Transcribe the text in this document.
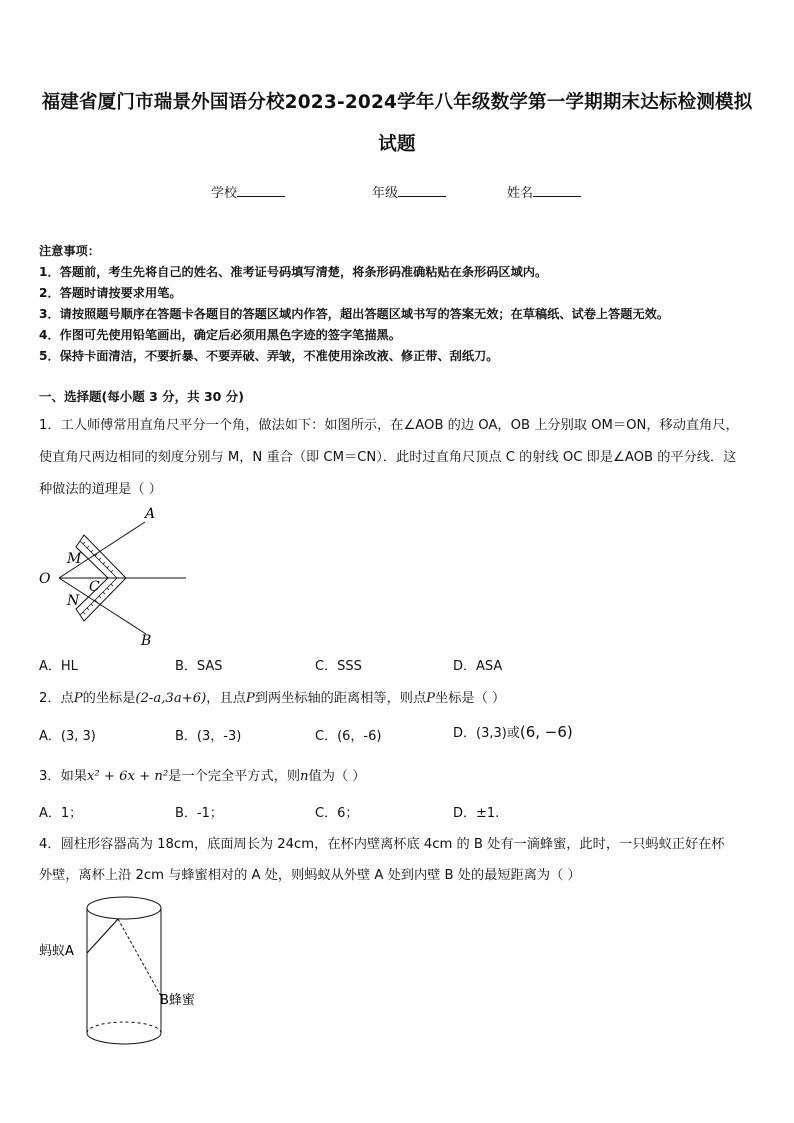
福建省厦门市瑞景外国语分校2023-2024学年八年级数学第一学期期末达标检测模拟
试题
学校	年级	姓名
注意事项：
1．答题前，考生先将自己的姓名、准考证号码填写清楚，将条形码准确粘贴在条形码区域内。
2．答题时请按要求用笔。
3．请按照题号顺序在答题卡各题目的答题区域内作答，超出答题区域书写的答案无效；在草稿纸、试卷上答题无效。
4．作图可先使用铅笔画出，确定后必须用黑色字迹的签字笔描黑。
5．保持卡面清洁，不要折暴、不要弄破、弄皱，不准使用涂改液、修正带、刮纸刀。
一、选择题(每小题 3 分，共 30 分)
1．工人师傅常用直角尺平分一个角，做法如下：如图所示，在∠AOB 的边 OA，OB 上分别取 OM＝ON，移动直角尺，
使直角尺两边相同的刻度分别与 M，N 重合（即 CM＝CN）．此时过直角尺顶点 C 的射线 OC 即是∠AOB 的平分线．这
种做法的道理是（ ）
A
B
O
M
N
C
A．HL	B．SAS	C．SSS	D．ASA
2．点P的坐标是(2-a,3a+6)，且点P到两坐标轴的距离相等，则点P坐标是（ ）
A．(3, 3)	B．(3，-3)	C．(6，-6)	D．(3,3)或(6, −6)
3．如果x² + 6x + n²是一个完全平方式，则n值为（ ）
A．1；	B．-1；	C．6；	D．±1.
4．圆柱形容器高为 18cm，底面周长为 24cm，在杯内壁离杯底 4cm 的 B 处有一滴蜂蜜，此时，一只蚂蚁正好在杯
外壁，离杯上沿 2cm 与蜂蜜相对的 A 处，则蚂蚁从外壁 A 处到内壁 B 处的最短距离为（ ）
蚂蚁A
B蜂蜜
